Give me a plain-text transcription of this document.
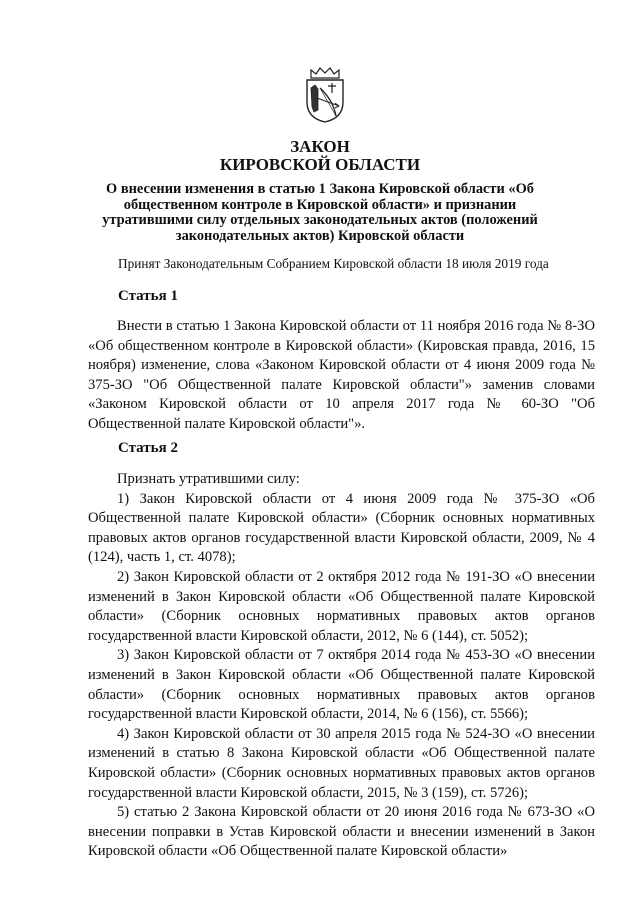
ЗАКОН
КИРОВСКОЙ ОБЛАСТИ
О внесении изменения в статью 1 Закона Кировской области «Об общественном контроле в Кировской области» и признании утратившими силу отдельных законодательных актов (положений законодательных актов) Кировской области
Принят Законодательным Собранием Кировской области 18 июля 2019 года
Статья 1

Внести в статью 1 Закона Кировской области от 11 ноября 2016 года № 8-ЗО «Об общественном контроле в Кировской области» (Кировская правда, 2016, 15 ноября) изменение, слова «Законом Кировской области от 4 июня 2009 года № 375-ЗО "Об Общественной палате Кировской области"» заменив словами «Законом Кировской области от 10 апреля 2017 года № 60-ЗО "Об Общественной палате Кировской области"».

Статья 2

Признать утратившими силу:

1) Закон Кировской области от 4 июня 2009 года № 375-ЗО «Об Общественной палате Кировской области» (Сборник основных нормативных правовых актов органов государственной власти Кировской области, 2009, № 4 (124), часть 1, ст. 4078);

2) Закон Кировской области от 2 октября 2012 года № 191-ЗО «О внесении изменений в Закон Кировской области «Об Общественной палате Кировской области» (Сборник основных нормативных правовых актов органов государственной власти Кировской области, 2012, № 6 (144), ст. 5052);

3) Закон Кировской области от 7 октября 2014 года № 453-ЗО «О внесении изменений в Закон Кировской области «Об Общественной палате Кировской области» (Сборник основных нормативных правовых актов органов государственной власти Кировской области, 2014, № 6 (156), ст. 5566);

4) Закон Кировской области от 30 апреля 2015 года № 524-ЗО «О внесении изменений в статью 8 Закона Кировской области «Об Общественной палате Кировской области» (Сборник основных нормативных правовых актов органов государственной власти Кировской области, 2015, № 3 (159), ст. 5726);

5) статью 2 Закона Кировской области от 20 июня 2016 года № 673-ЗО «О внесении поправки в Устав Кировской области и внесении изменений в Закон Кировской области «Об Общественной палате Кировской области»
